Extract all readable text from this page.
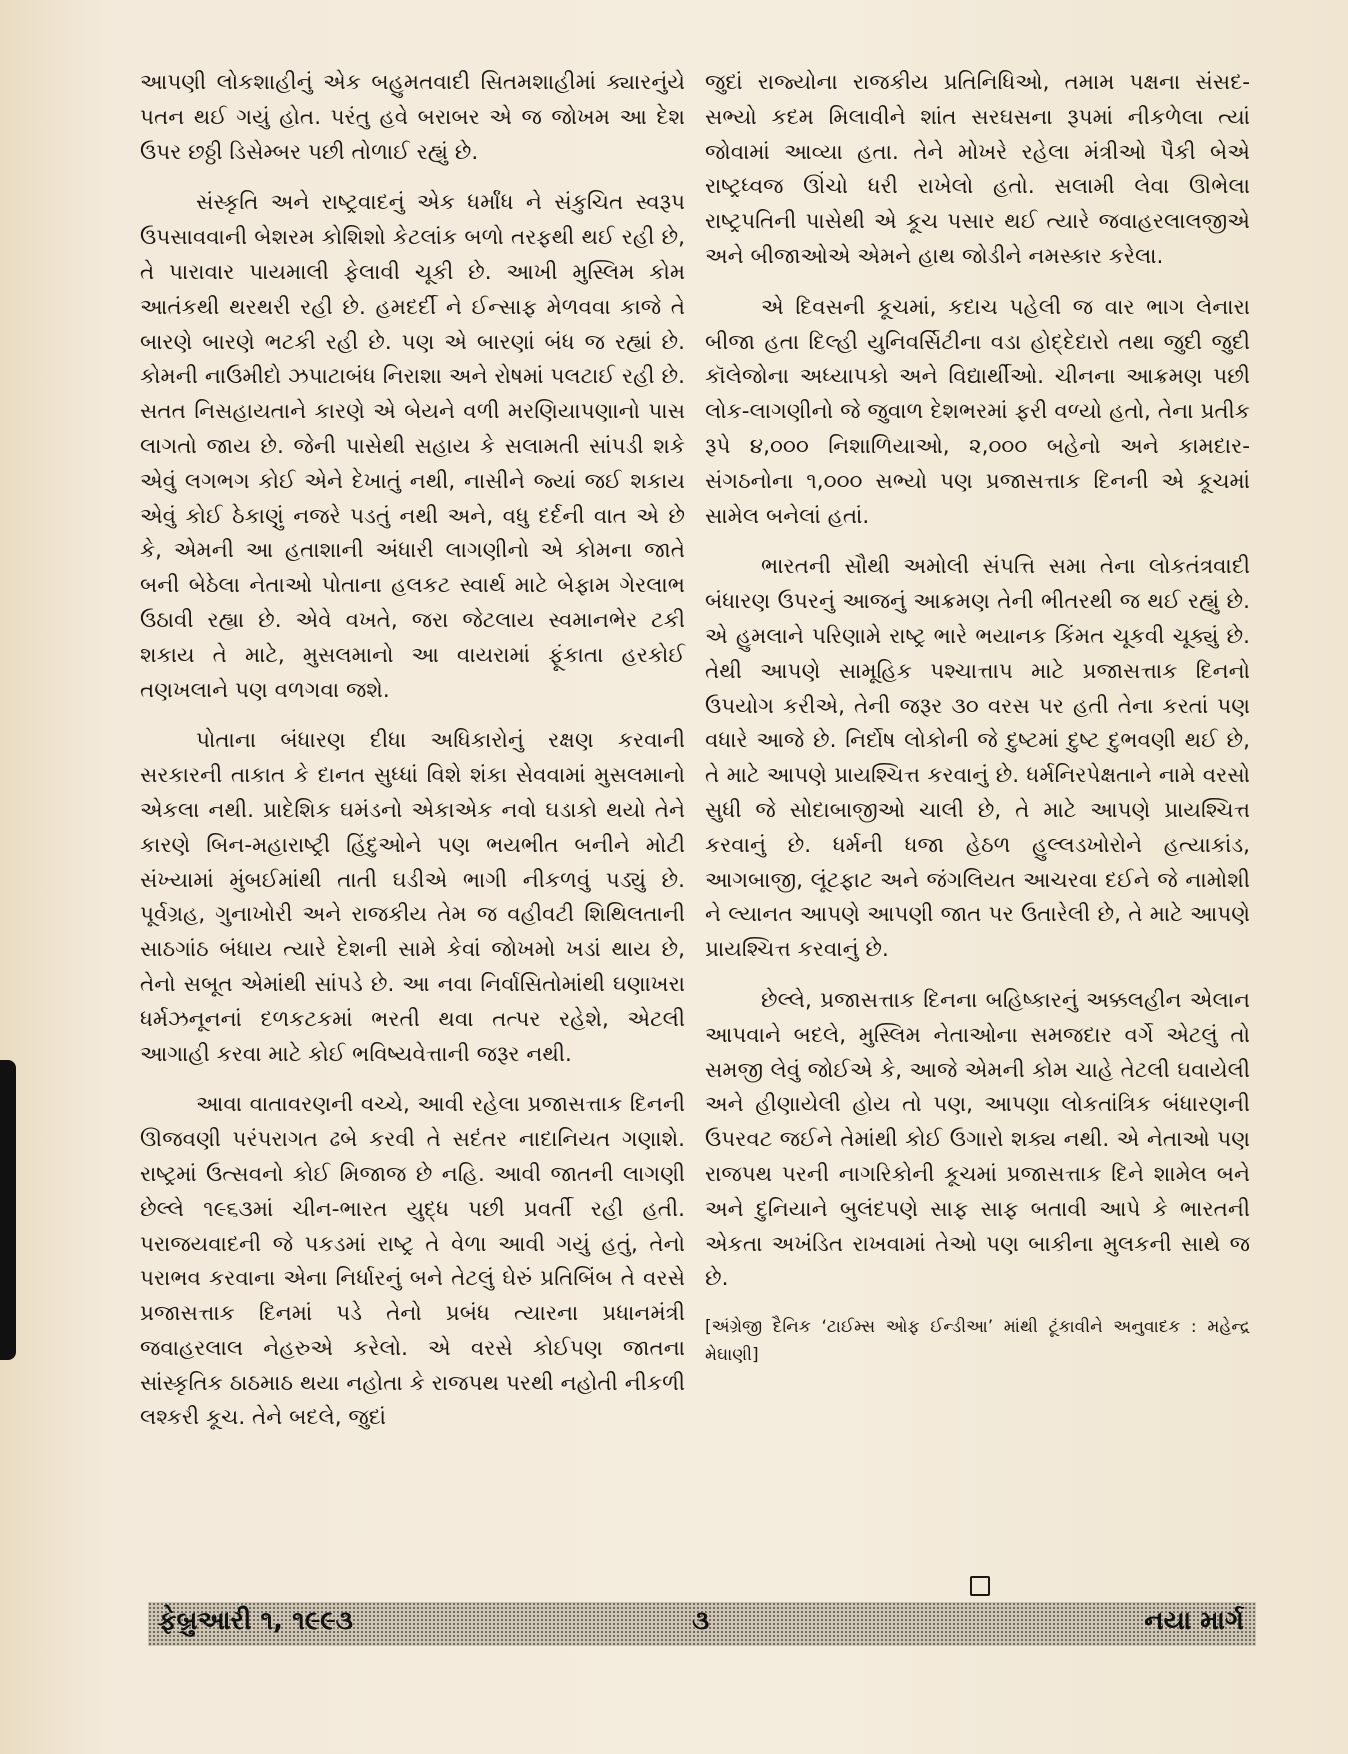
આપણી લોકશાહીનું એક બહુમતવાદી સિતમશાહીમાં ક્યારનુંયે પતન થઈ ગયું હોત. પરંતુ હવે બરાબર એ જ જોખમ આ દેશ ઉપર છઠ્ઠી ડિસેમ્બર પછી તોળાઈ રહ્યું છે.

સંસ્કૃતિ અને રાષ્ટ્રવાદનું એક ધર્માંધ ને સંકુચિત સ્વરૂપ ઉપસાવવાની બેશરમ કોશિશો કેટલાંક બળો તરફથી થઈ રહી છે, તે પારાવાર પાયમાલી ફેલાવી ચૂકી છે. આખી મુસ્લિમ કોમ આતંકથી થરથરી રહી છે. હમદર્દી ને ઈન્સાફ મેળવવા કાજે તે બારણે બારણે ભટકી રહી છે. પણ એ બારણાં બંધ જ રહ્યાં છે. કોમની નાઉમીદો ઝપાટાબંધ નિરાશા અને રોષમાં પલટાઈ રહી છે. સતત નિસહાયતાને કારણે એ બેયને વળી મરણિયાપણાનો પાસ લાગતો જાય છે. જેની પાસેથી સહાય કે સલામતી સાંપડી શકે એવું લગભગ કોઈ એને દેખાતું નથી, નાસીને જ્યાં જઈ શકાય એવું કોઈ ઠેકાણું નજરે પડતું નથી અને, વધુ દર્દની વાત એ છે કે, એમની આ હતાશાની અંધારી લાગણીનો એ કોમના જાતે બની બેઠેલા નેતાઓ પોતાના હલકટ સ્વાર્થ માટે બેફામ ગેરલાભ ઉઠાવી રહ્યા છે. એવે વખતે, જરા જેટલાય સ્વમાનભેર ટકી શકાય તે માટે, મુસલમાનો આ વાયરામાં ફૂંકાતા હરકોઈ તણખલાને પણ વળગવા જશે.

પોતાના બંધારણ દીધા અધિકારોનું રક્ષણ કરવાની સરકારની તાકાત કે દાનત સુધ્ધાં વિશે શંકા સેવવામાં મુસલમાનો એકલા નથી. પ્રાદેશિક ઘમંડનો એકાએક નવો ઘડાકો થયો તેને કારણે બિન-મહારાષ્ટ્રી હિંદુઓને પણ ભયભીત બનીને મોટી સંખ્યામાં મુંબઈમાંથી તાતી ઘડીએ ભાગી નીકળવું પડ્યું છે. પૂર્વગ્રહ, ગુનાખોરી અને રાજકીય તેમ જ વહીવટી શિથિલતાની સાઠગાંઠ બંધાય ત્યારે દેશની સામે કેવાં જોખમો ખડાં થાય છે, તેનો સબૂત એમાંથી સાંપડે છે. આ નવા નિર્વાસિતોમાંથી ઘણાખરા ધર્મઝનૂનનાં દળકટકમાં ભરતી થવા તત્પર રહેશે, એટલી આગાહી કરવા માટે કોઈ ભવિષ્યવેત્તાની જરૂર નથી.

આવા વાતાવરણની વચ્ચે, આવી રહેલા પ્રજાસત્તાક દિનની ઊજવણી પરંપરાગત ઢબે કરવી તે સદંતર નાદાનિયત ગણાશે. રાષ્ટ્રમાં ઉત્સવનો કોઈ મિજાજ છે નહિ. આવી જાતની લાગણી છેલ્લે ૧૯૬૩માં ચીન-ભારત યુદ્ધ પછી પ્રવર્તી રહી હતી. પરાજયવાદની જે પકડમાં રાષ્ટ્ર તે વેળા આવી ગયું હતું, તેનો પરાભવ કરવાના એના નિર્ધારનું બને તેટલું ઘેરું પ્રતિબિંબ તે વરસે પ્રજાસત્તાક દિનમાં પડે તેનો પ્રબંધ ત્યારના પ્રધાનમંત્રી જવાહરલાલ નેહરુએ કરેલો. એ વરસે કોઈપણ જાતના સાંસ્કૃતિક ઠાઠમાઠ થયા નહોતા કે રાજપથ પરથી નહોતી નીકળી લશ્કરી કૂચ. તેને બદલે, જુદાં

જુદાં રાજ્યોના રાજકીય પ્રતિનિધિઓ, તમામ પક્ષના સંસદ-સભ્યો કદમ મિલાવીને શાંત સરઘસના રૂપમાં નીકળેલા ત્યાં જોવામાં આવ્યા હતા. તેને મોખરે રહેલા મંત્રીઓ પૈકી બેએ રાષ્ટ્રધ્વજ ઊંચો ધરી રાખેલો હતો. સલામી લેવા ઊભેલા રાષ્ટ્રપતિની પાસેથી એ કૂચ પસાર થઈ ત્યારે જવાહરલાલજીએ અને બીજાઓએ એમને હાથ જોડીને નમસ્કાર કરેલા.

એ દિવસની કૂચમાં, કદાચ પહેલી જ વાર ભાગ લેનારા બીજા હતા દિલ્હી યુનિવર્સિટીના વડા હોદ્દેદારો તથા જુદી જુદી કૉલેજોના અધ્યાપકો અને વિદ્યાર્થીઓ. ચીનના આક્રમણ પછી લોક-લાગણીનો જે જુવાળ દેશભરમાં ફરી વળ્યો હતો, તેના પ્રતીક રૂપે ૪,૦૦૦ નિશાળિયાઓ, ૨,૦૦૦ બહેનો અને કામદાર-સંગઠનોના ૧,૦૦૦ સભ્યો પણ પ્રજાસત્તાક દિનની એ કૂચમાં સામેલ બનેલાં હતાં.

ભારતની સૌથી અમોલી સંપત્તિ સમા તેના લોકતંત્રવાદી બંધારણ ઉપરનું આજનું આક્રમણ તેની ભીતરથી જ થઈ રહ્યું છે. એ હુમલાને પરિણામે રાષ્ટ્ર ભારે ભયાનક કિંમત ચૂકવી ચૂક્યું છે. તેથી આપણે સામૂહિક પશ્ચાત્તાપ માટે પ્રજાસત્તાક દિનનો ઉપયોગ કરીએ, તેની જરૂર ૩૦ વરસ પર હતી તેના કરતાં પણ વધારે આજે છે. નિર્દોષ લોકોની જે દુષ્ટમાં દુષ્ટ દુભવણી થઈ છે, તે માટે આપણે પ્રાયશ્ચિત્ત કરવાનું છે. ધર્મનિરપેક્ષતાને નામે વરસો સુધી જે સોદાબાજીઓ ચાલી છે, તે માટે આપણે પ્રાયશ્ચિત્ત કરવાનું છે. ધર્મની ધજા હેઠળ હુલ્લડખોરોને હત્યાકાંડ, આગબાજી, લૂંટફાટ અને જંગલિયત આચરવા દઈને જે નામોશી ને લ્યાનત આપણે આપણી જાત પર ઉતારેલી છે, તે માટે આપણે પ્રાયશ્ચિત્ત કરવાનું છે.

છેલ્લે, પ્રજાસત્તાક દિનના બહિષ્કારનું અક્કલહીન એલાન આપવાને બદલે, મુસ્લિમ નેતાઓના સમજદાર વર્ગે એટલું તો સમજી લેવું જોઈએ કે, આજે એમની કોમ ચાહે તેટલી ઘવાયેલી અને હીણાયેલી હોય તો પણ, આપણા લોકતાંત્રિક બંધારણની ઉપરવટ જઈને તેમાંથી કોઈ ઉગારો શક્ય નથી. એ નેતાઓ પણ રાજપથ પરની નાગરિકોની કૂચમાં પ્રજાસત્તાક દિને શામેલ બને અને દુનિયાને બુલંદપણે સાફ સાફ બતાવી આપે કે ભારતની એકતા અખંડિત રાખવામાં તેઓ પણ બાકીના મુલકની સાથે જ છે.

[અંગ્રેજી દૈનિક ‘ટાઈમ્સ ઓફ ઈન્ડીઆ’ માંથી ટૂંકાવીને અનુવાદક : મહેન્દ્ર મેઘાણી]

ફેબ્રુઆરી ૧, ૧૯૯૩	૩	નયા માર્ગ
